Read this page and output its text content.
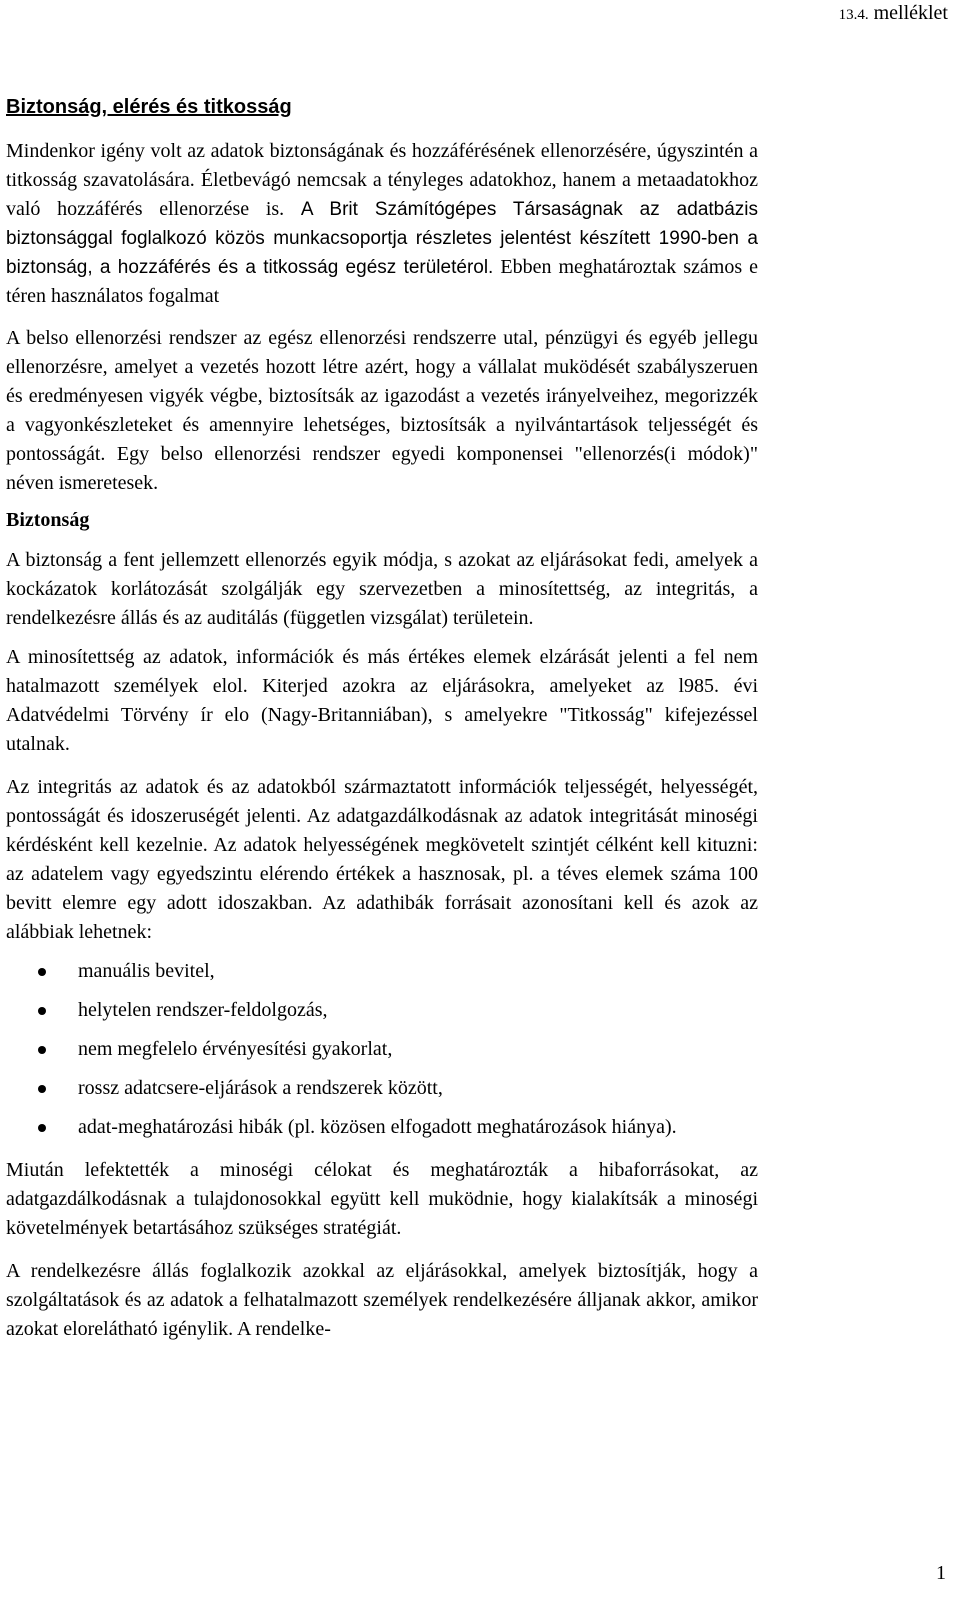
13.4. melléklet
Biztonság, elérés és titkosság

Mindenkor igény volt az adatok biztonságának és hozzáférésének ellenorzésére, úgyszintén a titkosság szavatolására. Életbevágó nemcsak a tényleges adatokhoz, hanem a metaadatokhoz való hozzáférés ellenorzése is. A Brit Számítógépes Társaságnak az adatbázis biztonsággal foglalkozó közös munkacsoportja részletes jelentést készített 1990-ben a biztonság, a hozzáférés és a titkosság egész területérol. Ebben meghatároztak számos e téren használatos fogalmat

A belso ellenorzési rendszer az egész ellenorzési rendszerre utal, pénzügyi és egyéb jellegu ellenorzésre, amelyet a vezetés hozott létre azért, hogy a vállalat muködését szabályszeruen és eredményesen vigyék végbe, biztosítsák az igazodást a vezetés irányelveihez, megorizzék a vagyonkészleteket és amennyire lehetséges, biztosítsák a nyilvántartások teljességét és pontosságát. Egy belso ellenorzési rendszer egyedi komponensei "ellenorzés(i módok)" néven ismeretesek.

Biztonság

A biztonság a fent jellemzett ellenorzés egyik módja, s azokat az eljárásokat fedi, amelyek a kockázatok korlátozását szolgálják egy szervezetben a minosítettség, az integritás, a rendelkezésre állás és az auditálás (független vizsgálat) területein.

A minosítettség az adatok, információk és más értékes elemek elzárását jelenti a fel nem hatalmazott személyek elol. Kiterjed azokra az eljárásokra, amelyeket az l985. évi Adatvédelmi Törvény ír elo (Nagy-Britanniában), s amelyekre "Titkosság" kifejezéssel utalnak.

Az integritás az adatok és az adatokból származtatott információk teljességét, helyességét, pontosságát és idoszeruségét jelenti. Az adatgazdálkodásnak az adatok integritását minoségi kérdésként kell kezelnie. Az adatok helyességének megkövetelt szintjét célként kell kituzni: az adatelem vagy egyedszintu elérendo értékek a hasznosak, pl. a téves elemek száma 100 bevitt elemre egy adott idoszakban. Az adathibák forrásait azonosítani kell és azok az alábbiak lehetnek:

manuális bevitel,
helytelen rendszer-feldolgozás,
nem megfelelo érvényesítési gyakorlat,
rossz adatcsere-eljárások a rendszerek között,
adat-meghatározási hibák (pl. közösen elfogadott meghatározások hiánya).

Miután lefektették a minoségi célokat és meghatározták a hibaforrásokat, az adatgazdálkodásnak a tulajdonosokkal együtt kell muködnie, hogy kialakítsák a minoségi követelmények betartásához szükséges stratégiát.

A rendelkezésre állás foglalkozik azokkal az eljárásokkal, amelyek biztosítják, hogy a szolgáltatások és az adatok a felhatalmazott személyek rendelkezésére álljanak akkor, amikor azokat elorelátható igénylik. A rendelke-

1
